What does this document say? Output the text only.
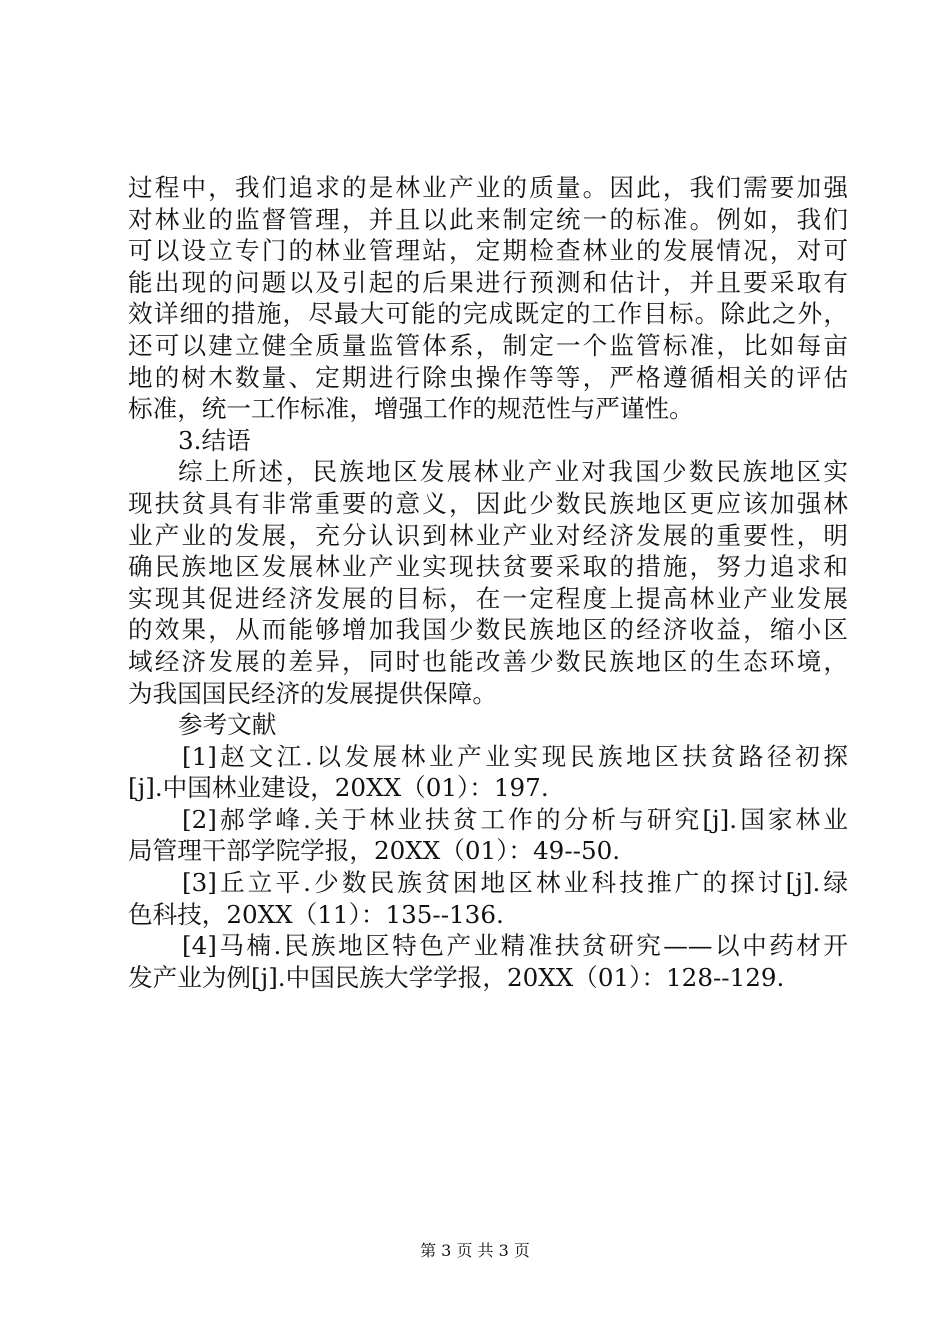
过程中，我们追求的是林业产业的质量。因此，我们需要加强
对林业的监督管理，并且以此来制定统一的标准。例如，我们
可以设立专门的林业管理站，定期检查林业的发展情况，对可
能出现的问题以及引起的后果进行预测和估计，并且要采取有
效详细的措施，尽最大可能的完成既定的工作目标。除此之外，
还可以建立健全质量监管体系，制定一个监管标准，比如每亩
地的树木数量、定期进行除虫操作等等，严格遵循相关的评估
标准，统一工作标准，增强工作的规范性与严谨性。
3.结语
综上所述，民族地区发展林业产业对我国少数民族地区实
现扶贫具有非常重要的意义，因此少数民族地区更应该加强林
业产业的发展，充分认识到林业产业对经济发展的重要性，明
确民族地区发展林业产业实现扶贫要采取的措施，努力追求和
实现其促进经济发展的目标，在一定程度上提高林业产业发展
的效果，从而能够增加我国少数民族地区的经济收益，缩小区
域经济发展的差异，同时也能改善少数民族地区的生态环境，
为我国国民经济的发展提供保障。
参考文献
[1]赵文江.以发展林业产业实现民族地区扶贫路径初探
[j].中国林业建设，20XX（01）：197.
[2]郝学峰.关于林业扶贫工作的分析与研究[j].国家林业
局管理干部学院学报，20XX（01）：49--50.
[3]丘立平.少数民族贫困地区林业科技推广的探讨[j].绿
色科技，20XX（11）：135--136.
[4]马楠.民族地区特色产业精准扶贫研究——以中药材开
发产业为例[j].中国民族大学学报，20XX（01）：128--129.
第 3 页 共 3 页
